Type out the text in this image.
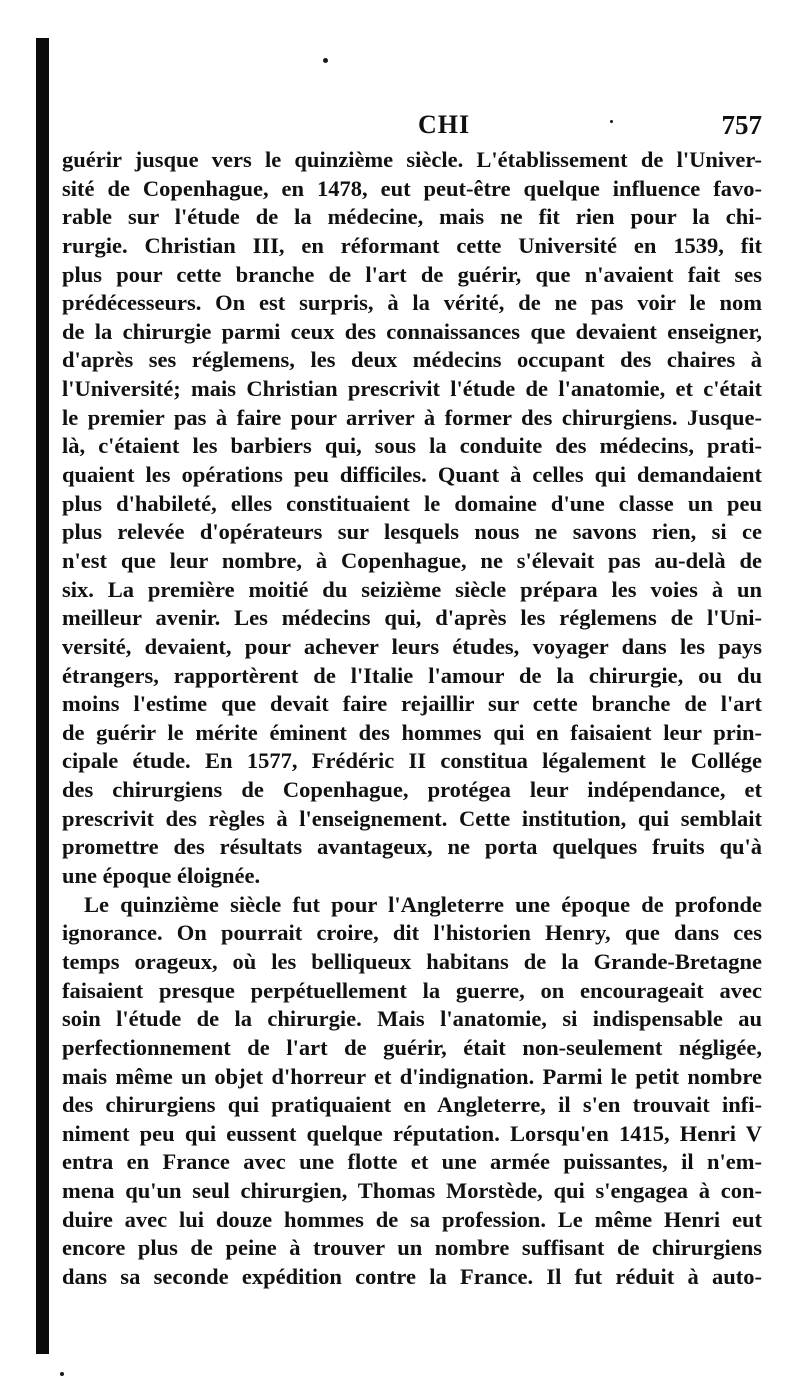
CHI	757
guérir jusque vers le quinzième siècle. L'établissement de l'Univer-
sité de Copenhague, en 1478, eut peut-être quelque influence favo-
rable sur l'étude de la médecine, mais ne fit rien pour la chi-
rurgie. Christian III, en réformant cette Université en 1539, fit
plus pour cette branche de l'art de guérir, que n'avaient fait ses
prédécesseurs. On est surpris, à la vérité, de ne pas voir le nom
de la chirurgie parmi ceux des connaissances que devaient enseigner,
d'après ses réglemens, les deux médecins occupant des chaires à
l'Université; mais Christian prescrivit l'étude de l'anatomie, et c'était
le premier pas à faire pour arriver à former des chirurgiens. Jusque-
là, c'étaient les barbiers qui, sous la conduite des médecins, prati-
quaient les opérations peu difficiles. Quant à celles qui demandaient
plus d'habileté, elles constituaient le domaine d'une classe un peu
plus relevée d'opérateurs sur lesquels nous ne savons rien, si ce
n'est que leur nombre, à Copenhague, ne s'élevait pas au-delà de
six. La première moitié du seizième siècle prépara les voies à un
meilleur avenir. Les médecins qui, d'après les réglemens de l'Uni-
versité, devaient, pour achever leurs études, voyager dans les pays
étrangers, rapportèrent de l'Italie l'amour de la chirurgie, ou du
moins l'estime que devait faire rejaillir sur cette branche de l'art
de guérir le mérite éminent des hommes qui en faisaient leur prin-
cipale étude. En 1577, Frédéric II constitua légalement le Collége
des chirurgiens de Copenhague, protégea leur indépendance, et
prescrivit des règles à l'enseignement. Cette institution, qui semblait
promettre des résultats avantageux, ne porta quelques fruits qu'à
une époque éloignée.
Le quinzième siècle fut pour l'Angleterre une époque de profonde
ignorance. On pourrait croire, dit l'historien Henry, que dans ces
temps orageux, où les belliqueux habitans de la Grande-Bretagne
faisaient presque perpétuellement la guerre, on encourageait avec
soin l'étude de la chirurgie. Mais l'anatomie, si indispensable au
perfectionnement de l'art de guérir, était non-seulement négligée,
mais même un objet d'horreur et d'indignation. Parmi le petit nombre
des chirurgiens qui pratiquaient en Angleterre, il s'en trouvait infi-
niment peu qui eussent quelque réputation. Lorsqu'en 1415, Henri V
entra en France avec une flotte et une armée puissantes, il n'em-
mena qu'un seul chirurgien, Thomas Morstède, qui s'engagea à con-
duire avec lui douze hommes de sa profession. Le même Henri eut
encore plus de peine à trouver un nombre suffisant de chirurgiens
dans sa seconde expédition contre la France. Il fut réduit à auto-
